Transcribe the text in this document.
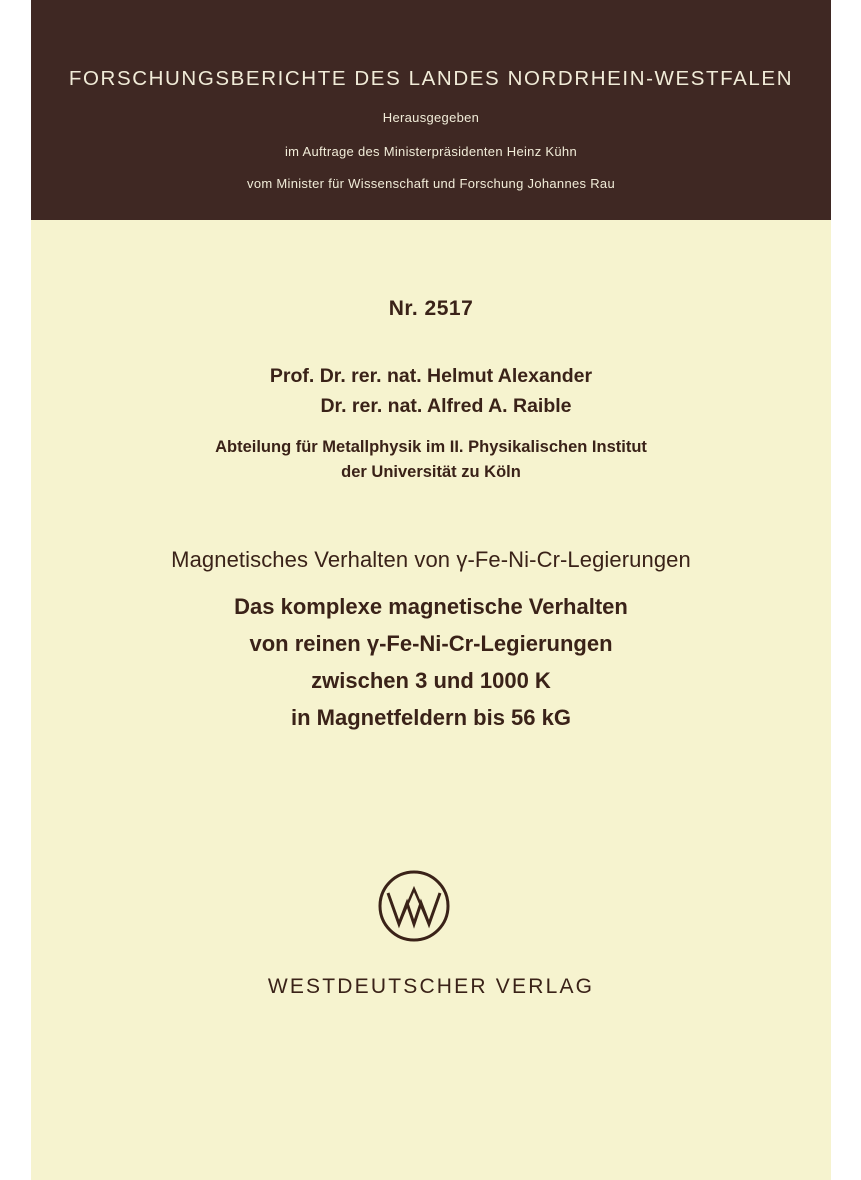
FORSCHUNGSBERICHTE DES LANDES NORDRHEIN-WESTFALEN
Herausgegeben
im Auftrage des Ministerpräsidenten Heinz Kühn
vom Minister für Wissenschaft und Forschung Johannes Rau
Nr. 2517
Prof. Dr. rer. nat. Helmut Alexander
Dr. rer. nat. Alfred A. Raible
Abteilung für Metallphysik im II. Physikalischen Institut
der Universität zu Köln
Magnetisches Verhalten von γ-Fe-Ni-Cr-Legierungen
Das komplexe magnetische Verhalten
von reinen γ-Fe-Ni-Cr-Legierungen
zwischen 3 und 1000 K
in Magnetfeldern bis 56 kG
WESTDEUTSCHER VERLAG
